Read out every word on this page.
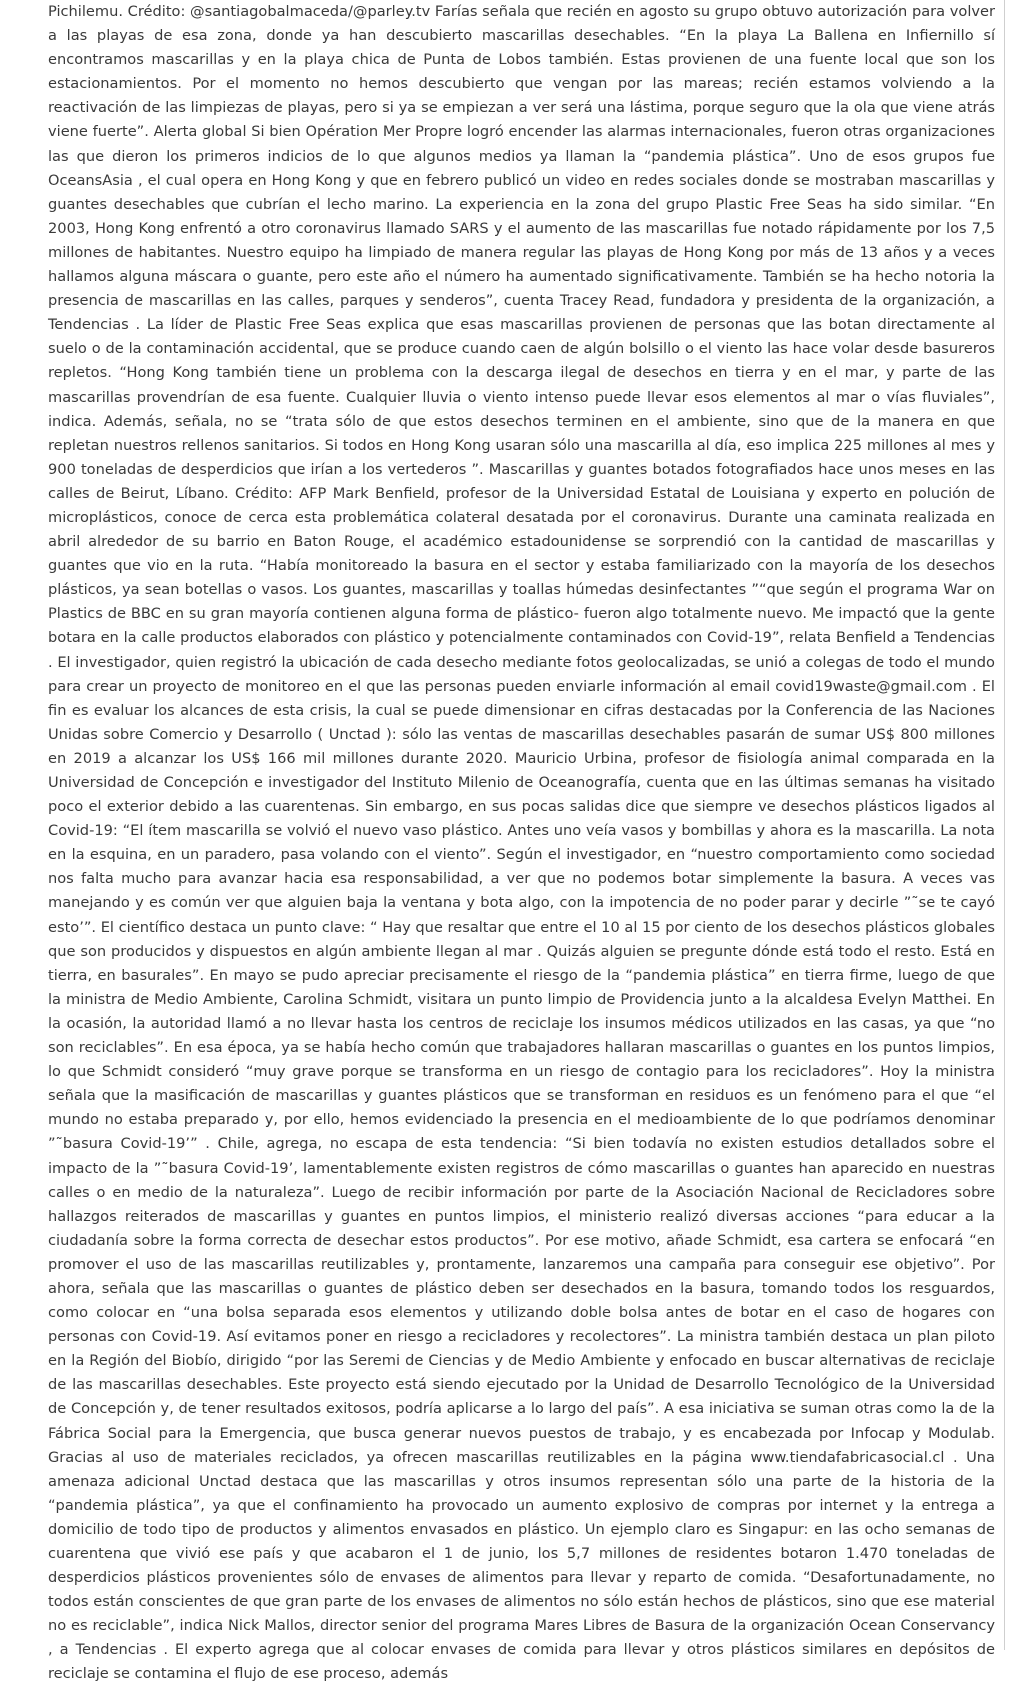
Pichilemu. Crédito: @santiagobalmaceda/@parley.tv Farías señala que recién en agosto su grupo obtuvo autorización para volver a las playas de esa zona, donde ya han descubierto mascarillas desechables. “En la playa La Ballena en Infiernillo sí encontramos mascarillas y en la playa chica de Punta de Lobos también. Estas provienen de una fuente local que son los estacionamientos. Por el momento no hemos descubierto que vengan por las mareas; recién estamos volviendo a la reactivación de las limpiezas de playas, pero si ya se empiezan a ver será una lástima, porque seguro que la ola que viene atrás viene fuerte”. Alerta global Si bien Opération Mer Propre logró encender las alarmas internacionales, fueron otras organizaciones las que dieron los primeros indicios de lo que algunos medios ya llaman la “pandemia plástica”. Uno de esos grupos fue OceansAsia , el cual opera en Hong Kong y que en febrero publicó un video en redes sociales donde se mostraban mascarillas y guantes desechables que cubrían el lecho marino. La experiencia en la zona del grupo Plastic Free Seas ha sido similar. “En 2003, Hong Kong enfrentó a otro coronavirus llamado SARS y el aumento de las mascarillas fue notado rápidamente por los 7,5 millones de habitantes. Nuestro equipo ha limpiado de manera regular las playas de Hong Kong por más de 13 años y a veces hallamos alguna máscara o guante, pero este año el número ha aumentado significativamente. También se ha hecho notoria la presencia de mascarillas en las calles, parques y senderos”, cuenta Tracey Read, fundadora y presidenta de la organización, a Tendencias . La líder de Plastic Free Seas explica que esas mascarillas provienen de personas que las botan directamente al suelo o de la contaminación accidental, que se produce cuando caen de algún bolsillo o el viento las hace volar desde basureros repletos. “Hong Kong también tiene un problema con la descarga ilegal de desechos en tierra y en el mar, y parte de las mascarillas provendrían de esa fuente. Cualquier lluvia o viento intenso puede llevar esos elementos al mar o vías fluviales”, indica. Además, señala, no se “trata sólo de que estos desechos terminen en el ambiente, sino que de la manera en que repletan nuestros rellenos sanitarios. Si todos en Hong Kong usaran sólo una mascarilla al día, eso implica 225 millones al mes y 900 toneladas de desperdicios que irían a los vertederos ”. Mascarillas y guantes botados fotografiados hace unos meses en las calles de Beirut, Líbano. Crédito: AFP Mark Benfield, profesor de la Universidad Estatal de Louisiana y experto en polución de microplásticos, conoce de cerca esta problemática colateral desatada por el coronavirus. Durante una caminata realizada en abril alrededor de su barrio en Baton Rouge, el académico estadounidense se sorprendió con la cantidad de mascarillas y guantes que vio en la ruta. “Había monitoreado la basura en el sector y estaba familiarizado con la mayoría de los desechos plásticos, ya sean botellas o vasos. Los guantes, mascarillas y toallas húmedas desinfectantes ”“que según el programa War on Plastics de BBC en su gran mayoría contienen alguna forma de plástico- fueron algo totalmente nuevo. Me impactó que la gente botara en la calle productos elaborados con plástico y potencialmente contaminados con Covid-19”, relata Benfield a Tendencias . El investigador, quien registró la ubicación de cada desecho mediante fotos geolocalizadas, se unió a colegas de todo el mundo para crear un proyecto de monitoreo en el que las personas pueden enviarle información al email covid19waste@gmail.com . El fin es evaluar los alcances de esta crisis, la cual se puede dimensionar en cifras destacadas por la Conferencia de las Naciones Unidas sobre Comercio y Desarrollo ( Unctad ): sólo las ventas de mascarillas desechables pasarán de sumar US$ 800 millones en 2019 a alcanzar los US$ 166 mil millones durante 2020. Mauricio Urbina, profesor de fisiología animal comparada en la Universidad de Concepción e investigador del Instituto Milenio de Oceanografía, cuenta que en las últimas semanas ha visitado poco el exterior debido a las cuarentenas. Sin embargo, en sus pocas salidas dice que siempre ve desechos plásticos ligados al Covid-19: “El ítem mascarilla se volvió el nuevo vaso plástico. Antes uno veía vasos y bombillas y ahora es la mascarilla. La nota en la esquina, en un paradero, pasa volando con el viento”. Según el investigador, en “nuestro comportamiento como sociedad nos falta mucho para avanzar hacia esa responsabilidad, a ver que no podemos botar simplemente la basura. A veces vas manejando y es común ver que alguien baja la ventana y bota algo, con la impotencia de no poder parar y decirle ”˜se te cayó esto’”. El científico destaca un punto clave: “ Hay que resaltar que entre el 10 al 15 por ciento de los desechos plásticos globales que son producidos y dispuestos en algún ambiente llegan al mar . Quizás alguien se pregunte dónde está todo el resto. Está en tierra, en basurales”. En mayo se pudo apreciar precisamente el riesgo de la “pandemia plástica” en tierra firme, luego de que la ministra de Medio Ambiente, Carolina Schmidt, visitara un punto limpio de Providencia junto a la alcaldesa Evelyn Matthei. En la ocasión, la autoridad llamó a no llevar hasta los centros de reciclaje los insumos médicos utilizados en las casas, ya que “no son reciclables”. En esa época, ya se había hecho común que trabajadores hallaran mascarillas o guantes en los puntos limpios, lo que Schmidt consideró “muy grave porque se transforma en un riesgo de contagio para los recicladores”. Hoy la ministra señala que la masificación de mascarillas y guantes plásticos que se transforman en residuos es un fenómeno para el que “el mundo no estaba preparado y, por ello, hemos evidenciado la presencia en el medioambiente de lo que podríamos denominar ”˜basura Covid-19’” . Chile, agrega, no escapa de esta tendencia: “Si bien todavía no existen estudios detallados sobre el impacto de la ”˜basura Covid-19’, lamentablemente existen registros de cómo mascarillas o guantes han aparecido en nuestras calles o en medio de la naturaleza”. Luego de recibir información por parte de la Asociación Nacional de Recicladores sobre hallazgos reiterados de mascarillas y guantes en puntos limpios, el ministerio realizó diversas acciones “para educar a la ciudadanía sobre la forma correcta de desechar estos productos”. Por ese motivo, añade Schmidt, esa cartera se enfocará “en promover el uso de las mascarillas reutilizables y, prontamente, lanzaremos una campaña para conseguir ese objetivo”. Por ahora, señala que las mascarillas o guantes de plástico deben ser desechados en la basura, tomando todos los resguardos, como colocar en “una bolsa separada esos elementos y utilizando doble bolsa antes de botar en el caso de hogares con personas con Covid-19. Así evitamos poner en riesgo a recicladores y recolectores”. La ministra también destaca un plan piloto en la Región del Biobío, dirigido “por las Seremi de Ciencias y de Medio Ambiente y enfocado en buscar alternativas de reciclaje de las mascarillas desechables. Este proyecto está siendo ejecutado por la Unidad de Desarrollo Tecnológico de la Universidad de Concepción y, de tener resultados exitosos, podría aplicarse a lo largo del país”. A esa iniciativa se suman otras como la de la Fábrica Social para la Emergencia, que busca generar nuevos puestos de trabajo, y es encabezada por Infocap y Modulab. Gracias al uso de materiales reciclados, ya ofrecen mascarillas reutilizables en la página www.tiendafabricasocial.cl . Una amenaza adicional Unctad destaca que las mascarillas y otros insumos representan sólo una parte de la historia de la “pandemia plástica”, ya que el confinamiento ha provocado un aumento explosivo de compras por internet y la entrega a domicilio de todo tipo de productos y alimentos envasados en plástico. Un ejemplo claro es Singapur: en las ocho semanas de cuarentena que vivió ese país y que acabaron el 1 de junio, los 5,7 millones de residentes botaron 1.470 toneladas de desperdicios plásticos provenientes sólo de envases de alimentos para llevar y reparto de comida. “Desafortunadamente, no todos están conscientes de que gran parte de los envases de alimentos no sólo están hechos de plásticos, sino que ese material no es reciclable”, indica Nick Mallos, director senior del programa Mares Libres de Basura de la organización Ocean Conservancy , a Tendencias . El experto agrega que al colocar envases de comida para llevar y otros plásticos similares en depósitos de reciclaje se contamina el flujo de ese proceso, además
